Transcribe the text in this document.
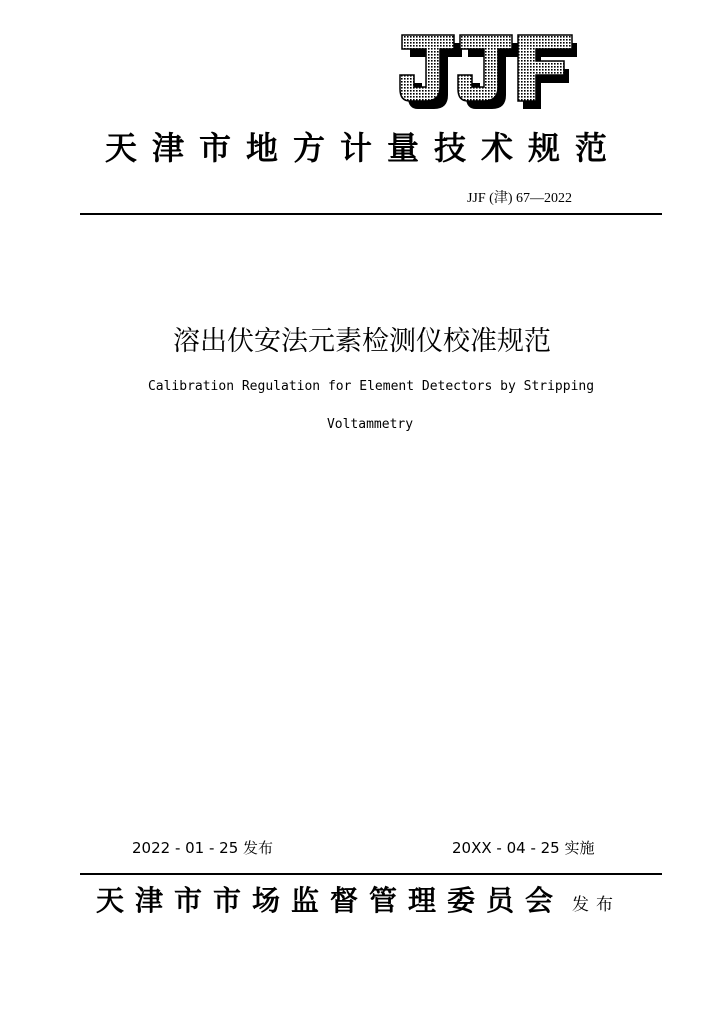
天津市地方计量技术规范
JJF (津) 67—2022
溶出伏安法元素检测仪校准规范
Calibration Regulation for Element Detectors by Stripping
Voltammetry
2022 - 01 - 25 发布	20XX - 04 - 25 实施
天津市市场监督管理委员会 发布
